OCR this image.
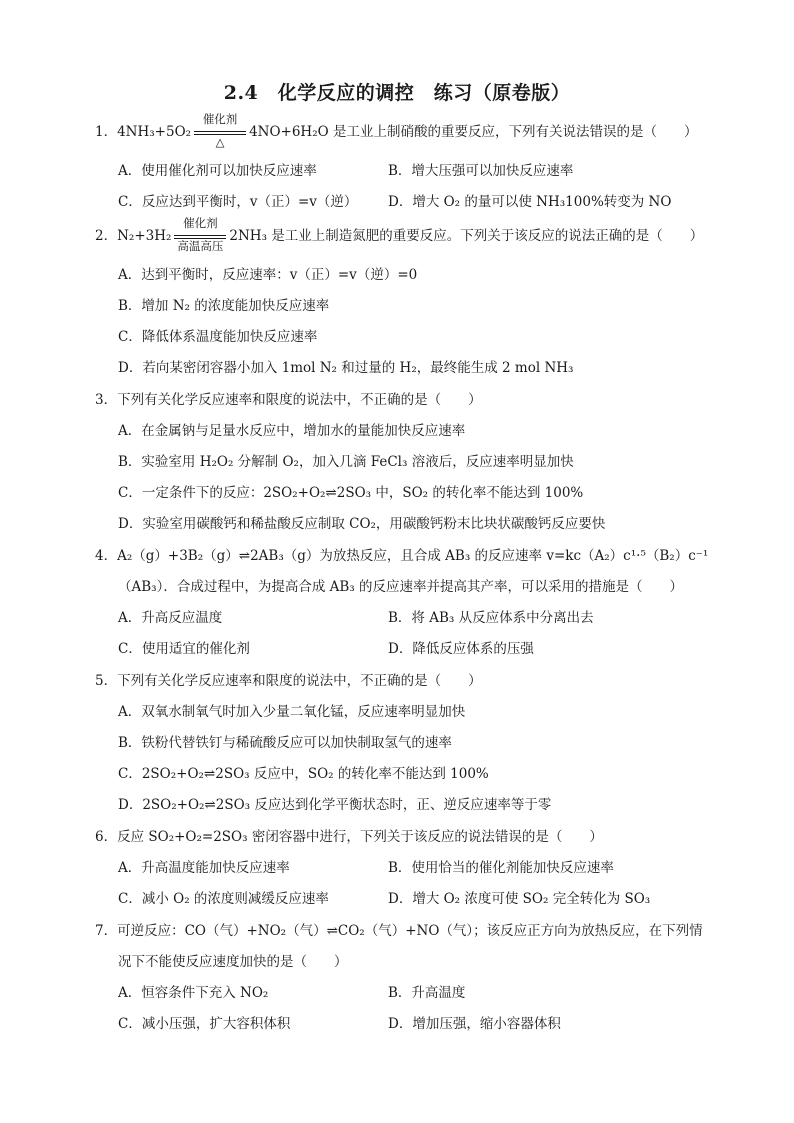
2.4　化学反应的调控　练习（原卷版）
1．4NH₃+5O₂
催化剂
△
4NO+6H₂O 是工业上制硝酸的重要反应，下列有关说法错误的是（　　）
A．使用催化剂可以加快反应速率	B．增大压强可以加快反应速率
C．反应达到平衡时，v（正）=v（逆） D．增大 O₂ 的量可以使 NH₃100%转变为 NO
2．N₂+3H₂
催化剂
高温高压
2NH₃ 是工业上制造氮肥的重要反应。下列关于该反应的说法正确的是（　　）
A．达到平衡时，反应速率：v（正）=v（逆）=0
B．增加 N₂ 的浓度能加快反应速率
C．降低体系温度能加快反应速率
D．若向某密闭容器小加入 1mol N₂ 和过量的 H₂，最终能生成 2 mol NH₃
3．下列有关化学反应速率和限度的说法中，不正确的是（　　）
A．在金属钠与足量水反应中，增加水的量能加快反应速率
B．实验室用 H₂O₂ 分解制 O₂，加入几滴 FeCl₃ 溶液后，反应速率明显加快
C．一定条件下的反应：2SO₂+O₂⇌2SO₃ 中，SO₂ 的转化率不能达到 100%
D．实验室用碳酸钙和稀盐酸反应制取 CO₂，用碳酸钙粉末比块状碳酸钙反应要快
4．A₂（g）+3B₂（g）⇌2AB₃（g）为放热反应，且合成 AB₃ 的反应速率 v=kc（A₂）c¹·⁵（B₂）c⁻¹
（AB₃）．合成过程中，为提高合成 AB₃ 的反应速率并提高其产率，可以采用的措施是（　　）
A．升高反应温度	B．将 AB₃ 从反应体系中分离出去
C．使用适宜的催化剂	D．降低反应体系的压强
5．下列有关化学反应速率和限度的说法中，不正确的是（　　）
A．双氧水制氧气时加入少量二氧化锰，反应速率明显加快
B．铁粉代替铁钉与稀硫酸反应可以加快制取氢气的速率
C．2SO₂+O₂⇌2SO₃ 反应中，SO₂ 的转化率不能达到 100%
D．2SO₂+O₂⇌2SO₃ 反应达到化学平衡状态时，正、逆反应速率等于零
6．反应 SO₂+O₂=2SO₃ 密闭容器中进行，下列关于该反应的说法错误的是（　　）
A．升高温度能加快反应速率	B．使用恰当的催化剂能加快反应速率
C．减小 O₂ 的浓度则减缓反应速率	D．增大 O₂ 浓度可使 SO₂ 完全转化为 SO₃
7．可逆反应：CO（气）+NO₂（气）⇌CO₂（气）+NO（气）；该反应正方向为放热反应，在下列情
况下不能使反应速度加快的是（　　）
A．恒容条件下充入 NO₂	B．升高温度
C．减小压强，扩大容积体积	D．增加压强，缩小容器体积
